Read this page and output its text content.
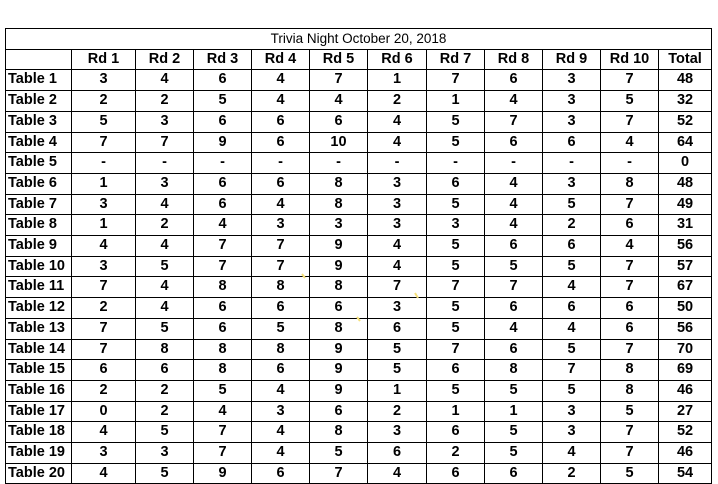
Trivia Night October 20, 2018											
	Rd 1	Rd 2	Rd 3	Rd 4	Rd 5	Rd 6	Rd 7	Rd 8	Rd 9	Rd 10	Total
Table 1	3	4	6	4	7	1	7	6	3	7	48
Table 2	2	2	5	4	4	2	1	4	3	5	32
Table 3	5	3	6	6	6	4	5	7	3	7	52
Table 4	7	7	9	6	10	4	5	6	6	4	64
Table 5	-	-	-	-	-	-	-	-	-	-	0
Table 6	1	3	6	6	8	3	6	4	3	8	48
Table 7	3	4	6	4	8	3	5	4	5	7	49
Table 8	1	2	4	3	3	3	3	4	2	6	31
Table 9	4	4	7	7	9	4	5	6	6	4	56
Table 10	3	5	7	7	9	4	5	5	5	7	57
Table 11	7	4	8	8	8	7	7	7	4	7	67
Table 12	2	4	6	6	6	3	5	6	6	6	50
Table 13	7	5	6	5	8	6	5	4	4	6	56
Table 14	7	8	8	8	9	5	7	6	5	7	70
Table 15	6	6	8	6	9	5	6	8	7	8	69
Table 16	2	2	5	4	9	1	5	5	5	8	46
Table 17	0	2	4	3	6	2	1	1	3	5	27
Table 18	4	5	7	4	8	3	6	5	3	7	52
Table 19	3	3	7	4	5	6	2	5	4	7	46
Table 20	4	5	9	6	7	4	6	6	2	5	54
